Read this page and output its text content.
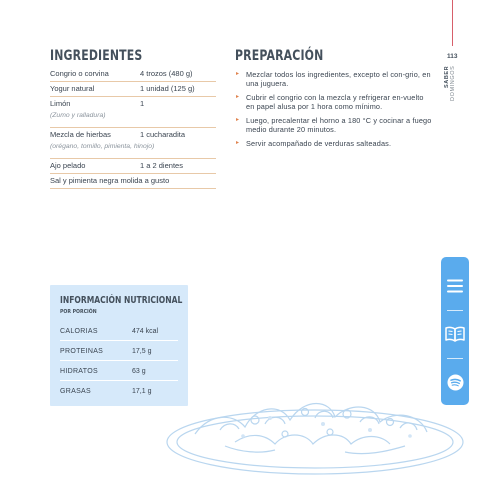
113
SABER DOMINGOS
INGREDIENTES
Congrio o corvina	4 trozos (480 g)
Yogur natural	1 unidad (125 g)
Limón	1
(Zumo y ralladura)
Mezcla de hierbas	1 cucharadita
(orégano, tomillo, pimienta, hinojo)
Ajo pelado	1 a 2 dientes
Sal y pimienta negra molida a gusto
PREPARACIÓN
▸ Mezclar todos los ingredientes, excepto el con-grio, en una juguera.
▸ Cubrir el congrio con la mezcla y refrigerar en-vuelto en papel alusa por 1 hora como mínimo.
▸ Luego, precalentar el horno a 180 °C y cocinar a fuego medio durante 20 minutos.
▸ Servir acompañado de verduras salteadas.
INFORMACIÓN NUTRICIONAL
POR PORCIÓN
CALORIAS	474 kcal
PROTEINAS	17,5 g
HIDRATOS	63 g
GRASAS	17,1 g
